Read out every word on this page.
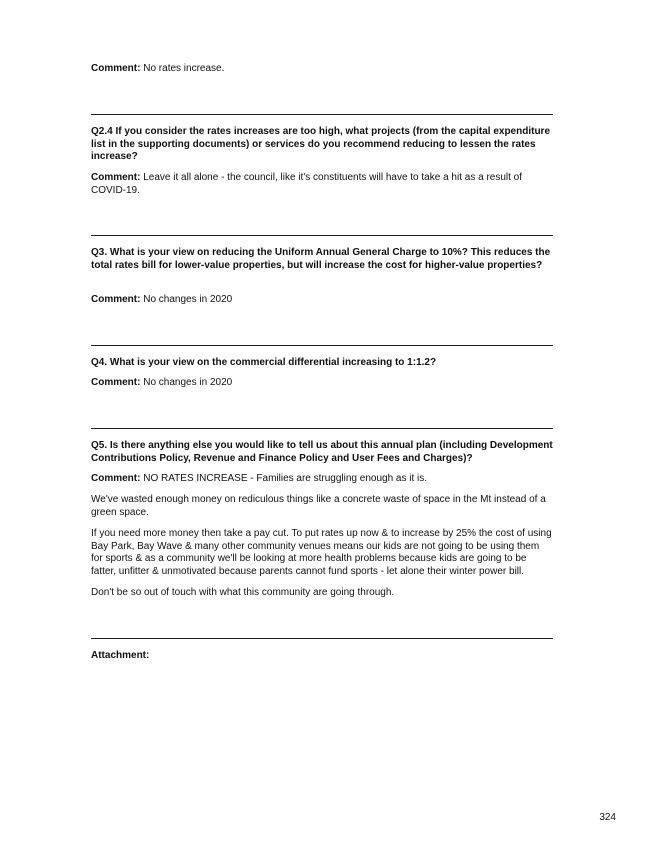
Comment: No rates increase.
Q2.4 If you consider the rates increases are too high, what projects (from the capital expenditure list in the supporting documents) or services do you recommend reducing to lessen the rates increase?
Comment: Leave it all alone - the council, like it's constituents will have to take a hit as a result of COVID-19.
Q3. What is your view on reducing the Uniform Annual General Charge to 10%? This reduces the total rates bill for lower-value properties, but will increase the cost for higher-value properties?
Comment: No changes in 2020
Q4. What is your view on the commercial differential increasing to 1:1.2?
Comment: No changes in 2020
Q5. Is there anything else you would like to tell us about this annual plan (including Development Contributions Policy, Revenue and Finance Policy and User Fees and Charges)?
Comment: NO RATES INCREASE - Families are struggling enough as it is.
We've wasted enough money on rediculous things like a concrete waste of space in the Mt instead of a green space.
If you need more money then take a pay cut. To put rates up now & to increase by 25% the cost of using Bay Park, Bay Wave & many other community venues means our kids are not going to be using them for sports & as a community we'll be looking at more health problems because kids are going to be fatter, unfitter & unmotivated because parents cannot fund sports - let alone their winter power bill.
Don't be so out of touch with what this community are going through.
Attachment:
324
